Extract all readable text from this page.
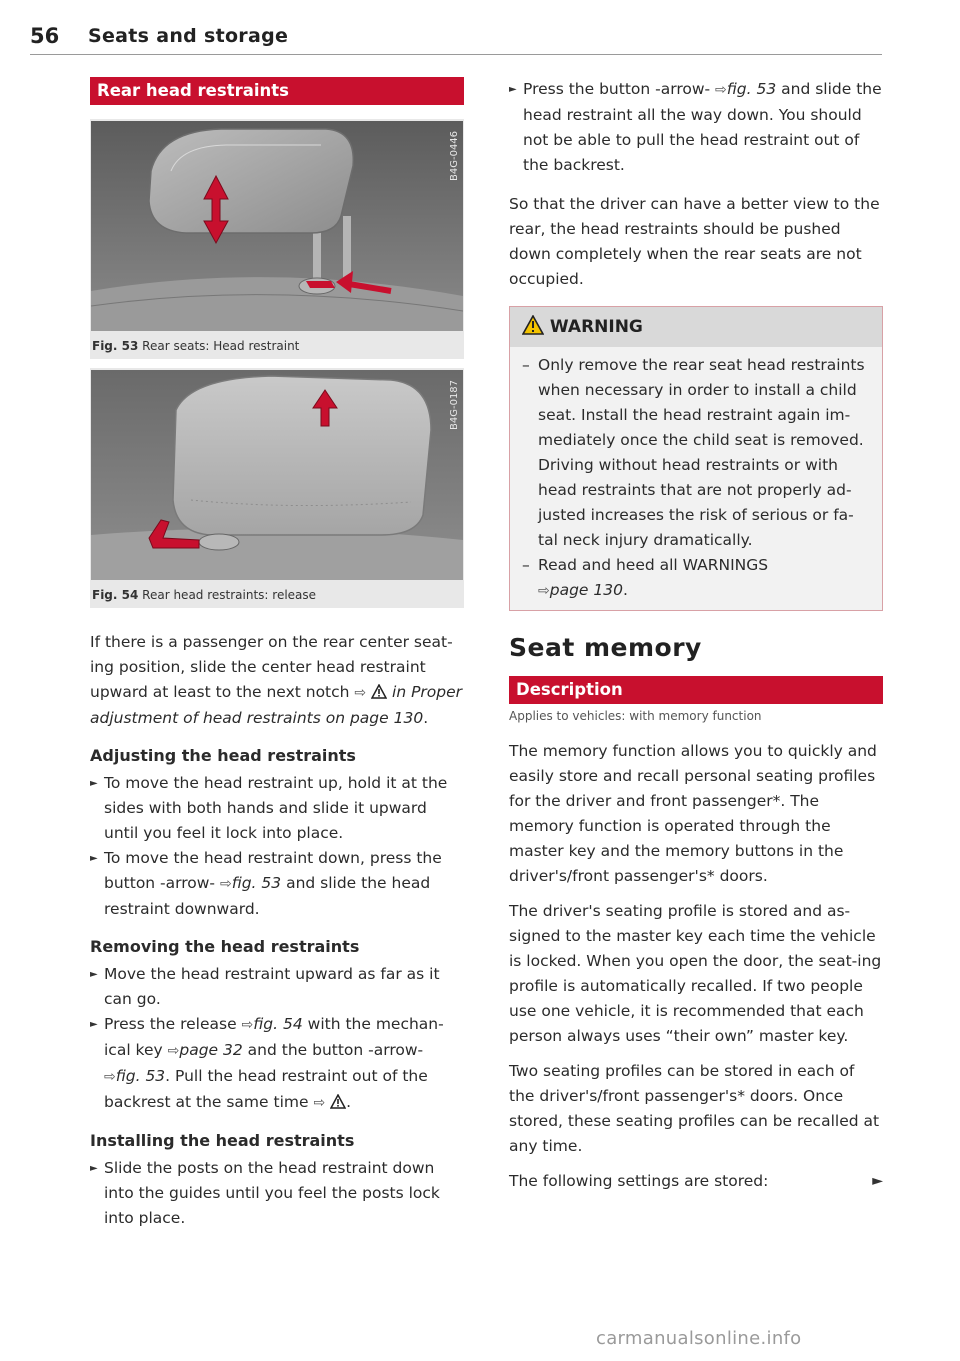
56 Seats and storage
Rear head restraints
B4G-0446
Fig. 53 Rear seats: Head restraint
B4G-0187
Fig. 54 Rear head restraints: release

If there is a passenger on the rear center seat-ing position, slide the center head restraint upward at least to the next notch ⇨ in Proper adjustment of head restraints on page 130.

Adjusting the head restraints
► To move the head restraint up, hold it at the sides with both hands and slide it upward until you feel it lock into place.
► To move the head restraint down, press the button -arrow- ⇨fig. 53 and slide the head restraint downward.
Removing the head restraints
► Move the head restraint upward as far as it can go.
► Press the release ⇨fig. 54 with the mechan-ical key ⇨page 32 and the button -arrow- ⇨fig. 53. Pull the head restraint out of the backrest at the same time ⇨ .
Installing the head restraints
► Slide the posts on the head restraint down into the guides until you feel the posts lock into place.
► Press the button -arrow- ⇨fig. 53 and slide the head restraint all the way down. You should not be able to pull the head restraint out of the backrest.

So that the driver can have a better view to the rear, the head restraints should be pushed down completely when the rear seats are not occupied.

WARNING
– Only remove the rear seat head restraints when necessary in order to install a child seat. Install the head restraint again im-mediately once the child seat is removed. Driving without head restraints or with head restraints that are not properly ad-justed increases the risk of serious or fa-tal neck injury dramatically.
– Read and heed all WARNINGS
⇨page 130.
Seat memory
Description
Applies to vehicles: with memory function

The memory function allows you to quickly and easily store and recall personal seating profiles for the driver and front passenger*. The memory function is operated through the master key and the memory buttons in the driver's/front passenger's* doors.

The driver's seating profile is stored and as-signed to the master key each time the vehicle is locked. When you open the door, the seat-ing profile is automatically recalled. If two people use one vehicle, it is recommended that each person always uses “their own” master key.

Two seating profiles can be stored in each of the driver's/front passenger's* doors. Once stored, these seating profiles can be recalled at any time.

The following settings are stored:	►

carmanualsonline.info
